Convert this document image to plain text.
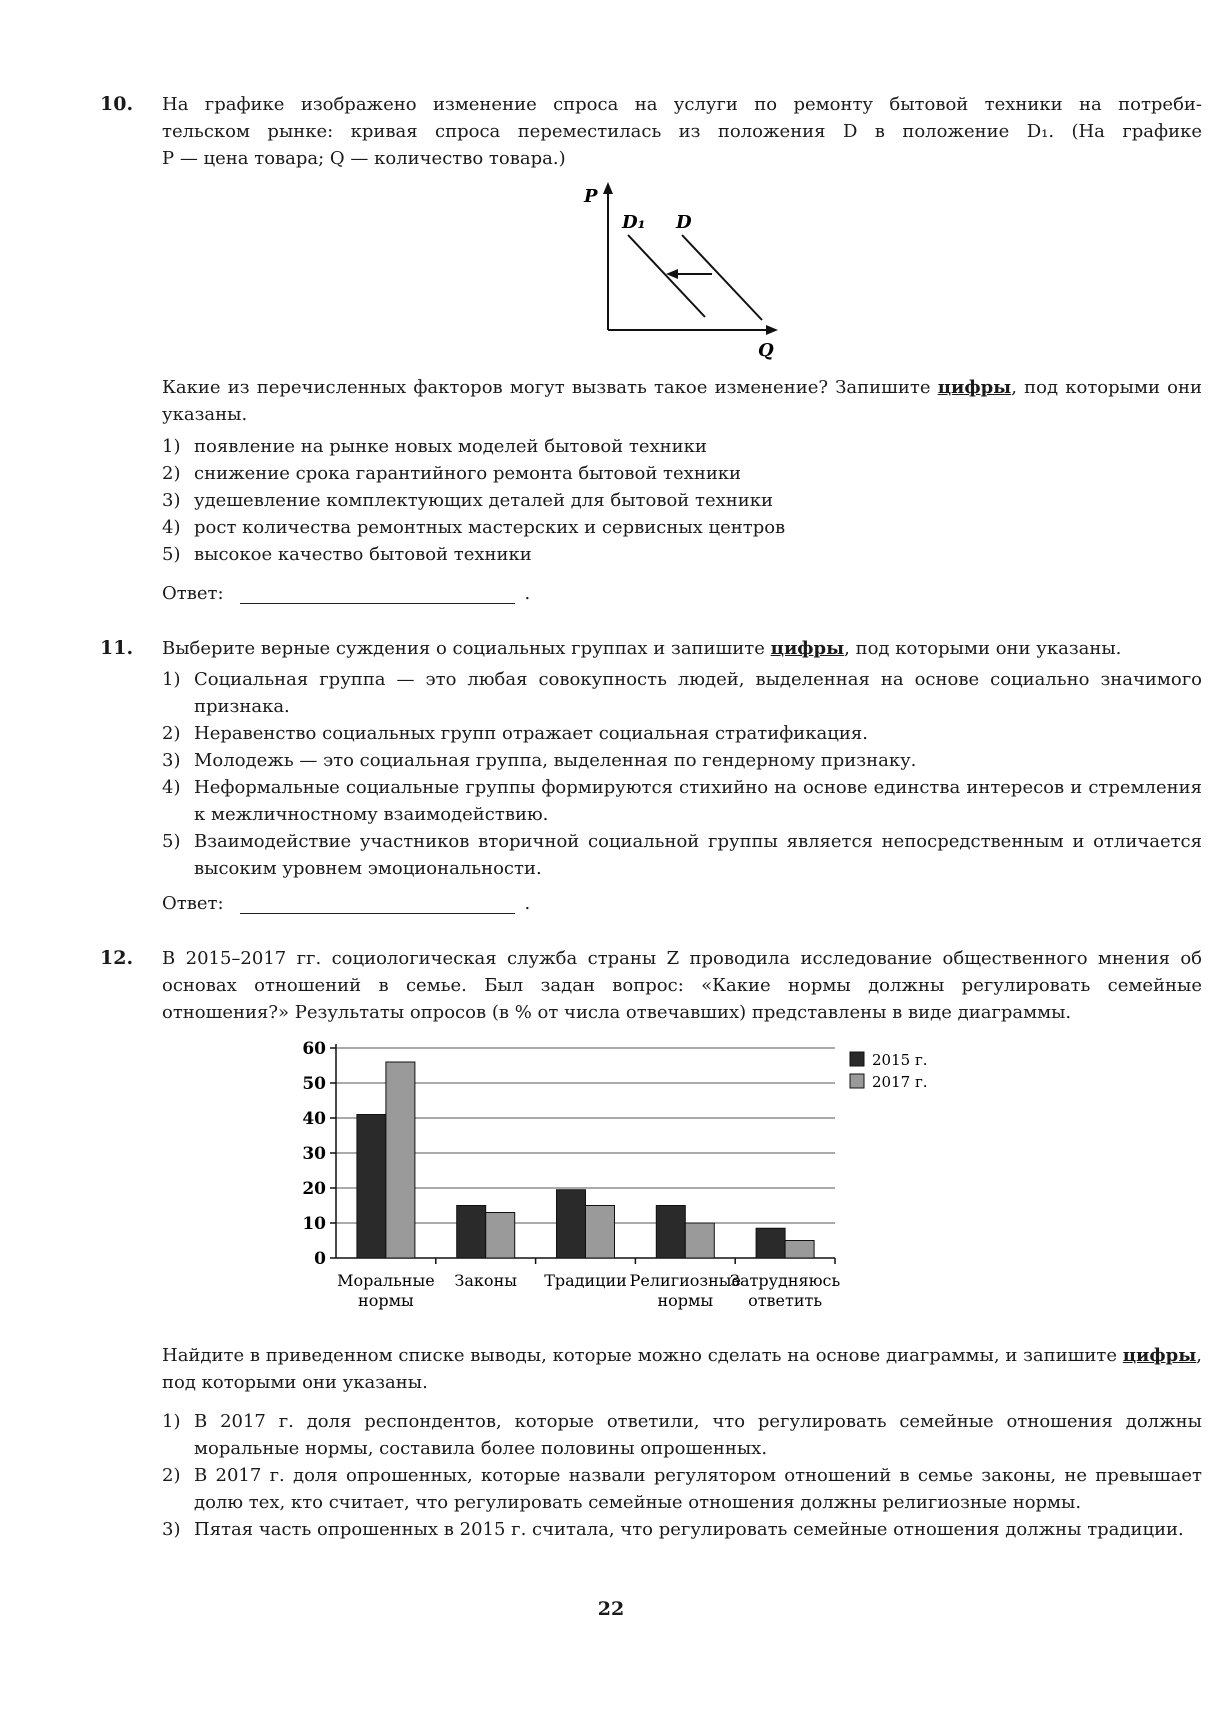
10. На графике изображено изменение спроса на услуги по ремонту бытовой техники на потреби-
тельском рынке: кривая спроса переместилась из положения D в положение D₁. (На графике
P — цена товара; Q — количество товара.)
P
Q
D₁ D
Какие из перечисленных факторов могут вызвать такое изменение? Запишите цифры, под которыми они указаны.
1) появление на рынке новых моделей бытовой техники
2) снижение срока гарантийного ремонта бытовой техники
3) удешевление комплектующих деталей для бытовой техники
4) рост количества ремонтных мастерских и сервисных центров
5) высокое качество бытовой техники
Ответ:	.
11. Выберите верные суждения о социальных группах и запишите цифры, под которыми они указаны.
1) Социальная группа — это любая совокупность людей, выделенная на основе социально значимого признака.
2) Неравенство социальных групп отражает социальная стратификация.
3) Молодежь — это социальная группа, выделенная по гендерному признаку.
4) Неформальные социальные группы формируются стихийно на основе единства интересов и стремления к межличностному взаимодействию.
5) Взаимодействие участников вторичной социальной группы является непосредственным и отличается высоким уровнем эмоциональности.
Ответ:	.
12. В 2015–2017 гг. социологическая служба страны Z проводила исследование общественного мнения об основах отношений в семье. Был задан вопрос: «Какие нормы должны регулировать семейные отношения?» Результаты опросов (в % от числа отвечавших) представлены в виде диаграммы.
0
10
20
30
40
50
60
Моральные
нормы
Законы Традиции Религиозные
нормы
Затрудняюсь
ответить
2015 г.
2017 г.
Найдите в приведенном списке выводы, которые можно сделать на основе диаграммы, и запишите цифры, под которыми они указаны.
1) В 2017 г. доля респондентов, которые ответили, что регулировать семейные отношения должны моральные нормы, составила более половины опрошенных.
2) В 2017 г. доля опрошенных, которые назвали регулятором отношений в семье законы, не превышает долю тех, кто считает, что регулировать семейные отношения должны религиозные нормы.
3) Пятая часть опрошенных в 2015 г. считала, что регулировать семейные отношения должны традиции.
22
